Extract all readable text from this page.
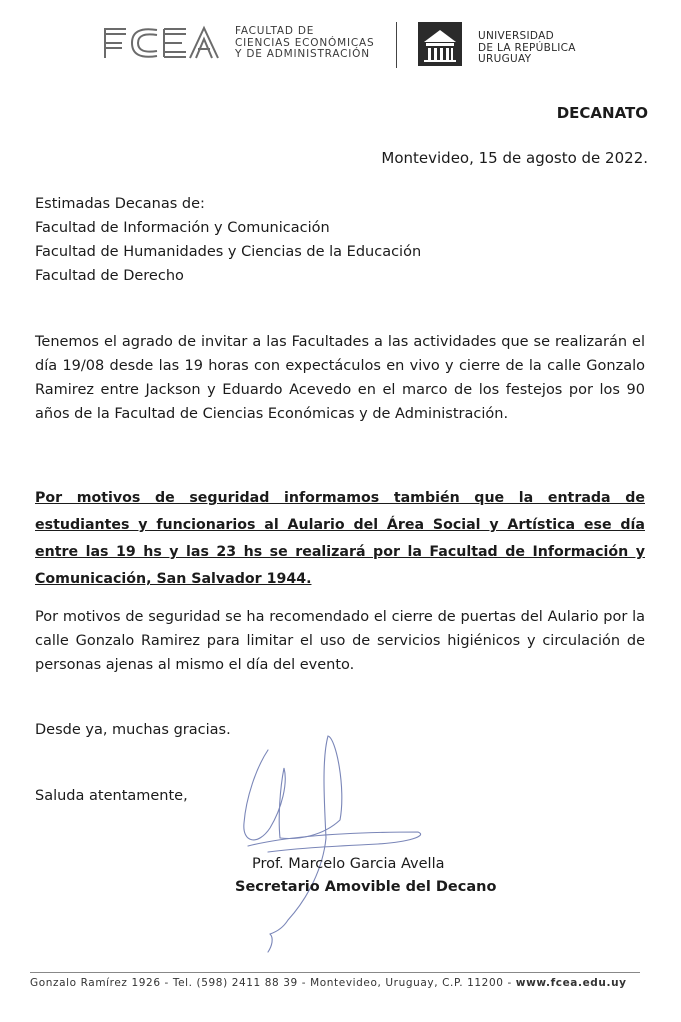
FACULTAD DE
CIENCIAS ECONÓMICAS
Y DE ADMINISTRACIÓN
UNIVERSIDAD
DE LA REPÚBLICA
URUGUAY
DECANATO
Montevideo, 15 de agosto de 2022.
Estimadas Decanas de:
Facultad de Información y Comunicación
Facultad de Humanidades y Ciencias de la Educación
Facultad de Derecho
Tenemos el agrado de invitar a las Facultades a las actividades que se realizarán el día 19/08 desde las 19 horas con expectáculos en vivo y cierre de la calle Gonzalo Ramirez entre Jackson y Eduardo Acevedo en el marco de los festejos por los 90 años de la Facultad de Ciencias Económicas y de Administración.
Por motivos de seguridad informamos también que la entrada de estudiantes y funcionarios al Aulario del Área Social y Artística ese día entre las 19 hs y las 23 hs se realizará por la Facultad de Información y Comunicación, San Salvador 1944.
Por motivos de seguridad se ha recomendado el cierre de puertas del Aulario por la calle Gonzalo Ramirez para limitar el uso de servicios higiénicos y circulación de personas ajenas al mismo el día del evento.
Desde ya, muchas gracias.
Saluda atentamente,
Prof. Marcelo Garcia Avella
Secretario Amovible del Decano
Gonzalo Ramírez 1926 - Tel. (598) 2411 88 39 - Montevideo, Uruguay, C.P. 11200 - www.fcea.edu.uy
